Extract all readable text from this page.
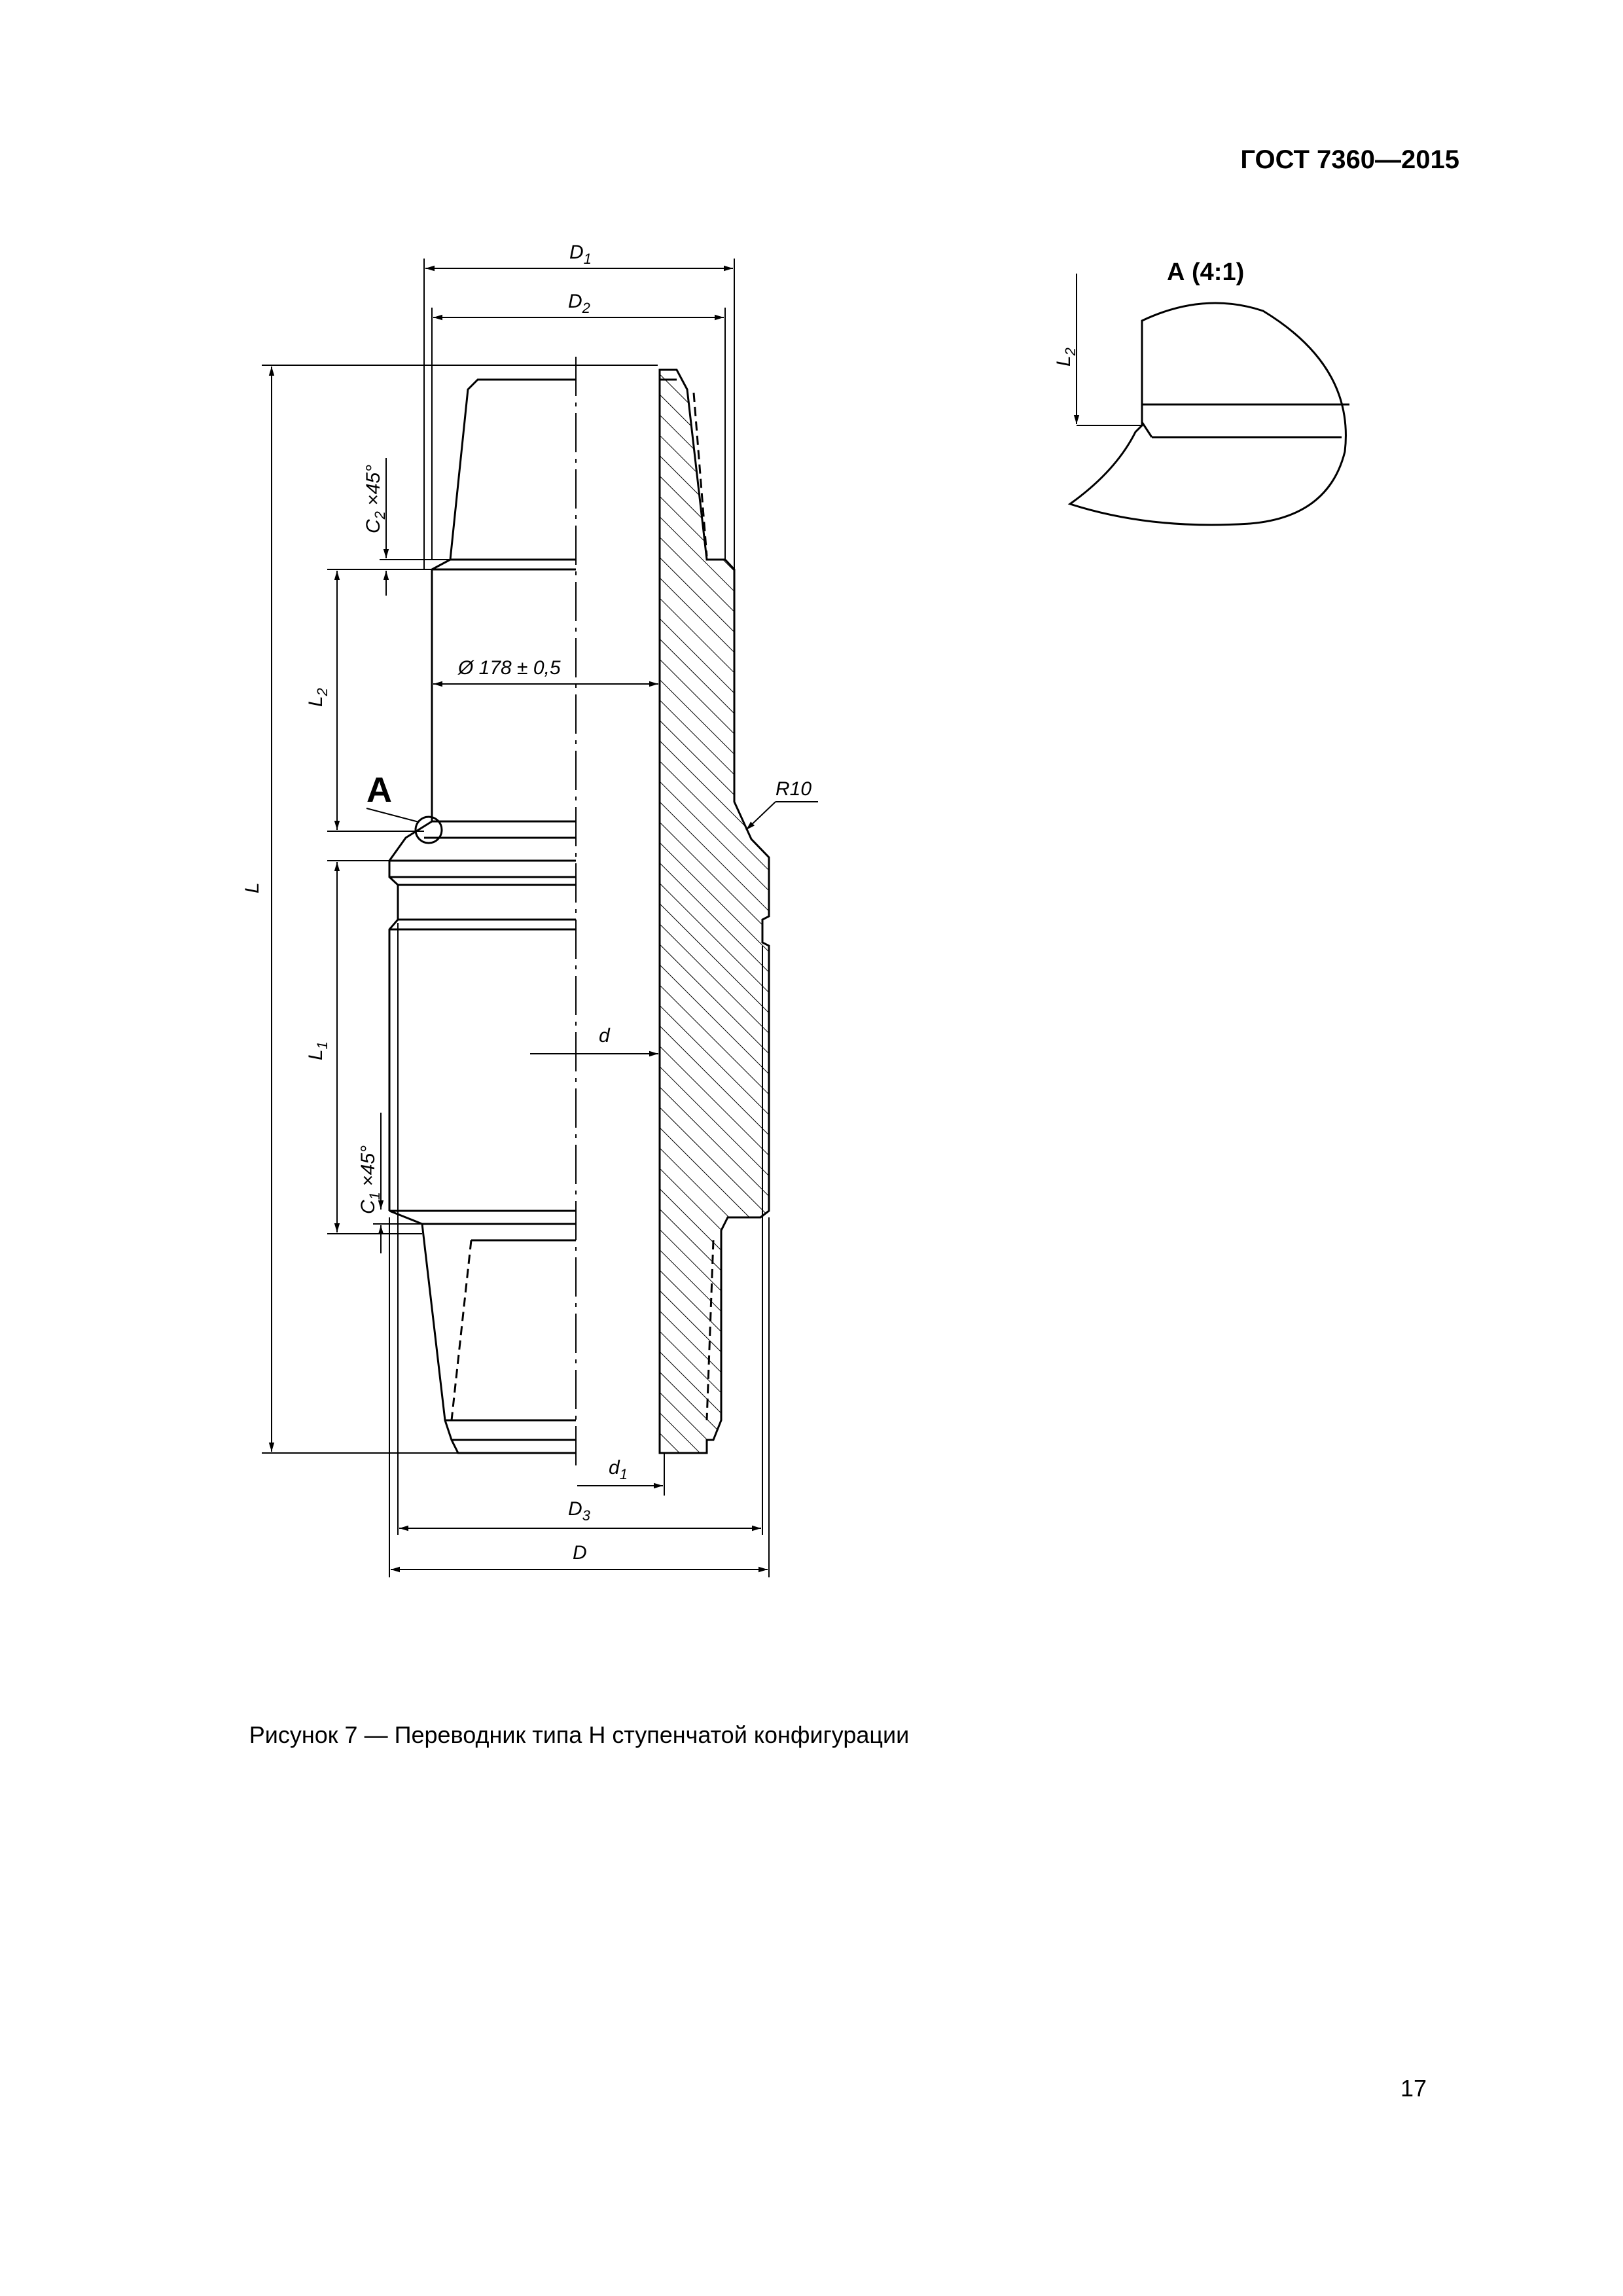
ГОСТ 7360—2015
$D_1$
$D_2$
L
$C_2 \times 45^\circ$
$L_2$
Ø 178 ± 0,5
A	R10
$L_1$
$C_1 \times 45^\circ$
d
$d_1$
$D_3$
D
$L_2$
А (4:1)
Рисунок 7 — Переводник типа Н ступенчатой конфигурации
17
